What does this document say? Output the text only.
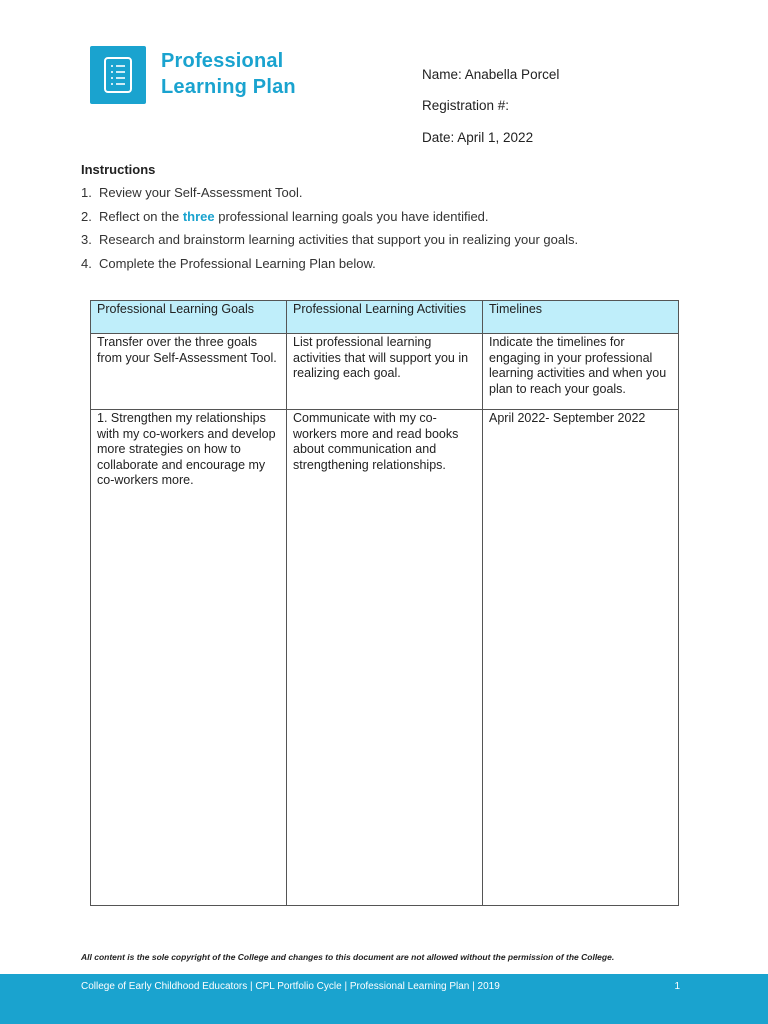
Professional
Learning Plan
Name: Anabella Porcel
Registration #:
Date: April 1, 2022
Instructions
1. Review your Self-Assessment Tool.
2. Reflect on the three professional learning goals you have identified.
3. Research and brainstorm learning activities that support you in realizing your goals.
4. Complete the Professional Learning Plan below.
Professional Learning Goals	Professional Learning Activities	Timelines
Transfer over the three goals from your Self-Assessment Tool.	List professional learning activities that will support you in realizing each goal.	Indicate the timelines for engaging in your professional learning activities and when you plan to reach your goals.
1. Strengthen my relationships with my co-workers and develop more strategies on how to collaborate and encourage my co-workers more.	Communicate with my co-workers more and read books about communication and strengthening relationships.	April 2022- September 2022
All content is the sole copyright of the College and changes to this document are not allowed without the permission of the College.
College of Early Childhood Educators | CPL Portfolio Cycle | Professional Learning Plan | 2019	1
